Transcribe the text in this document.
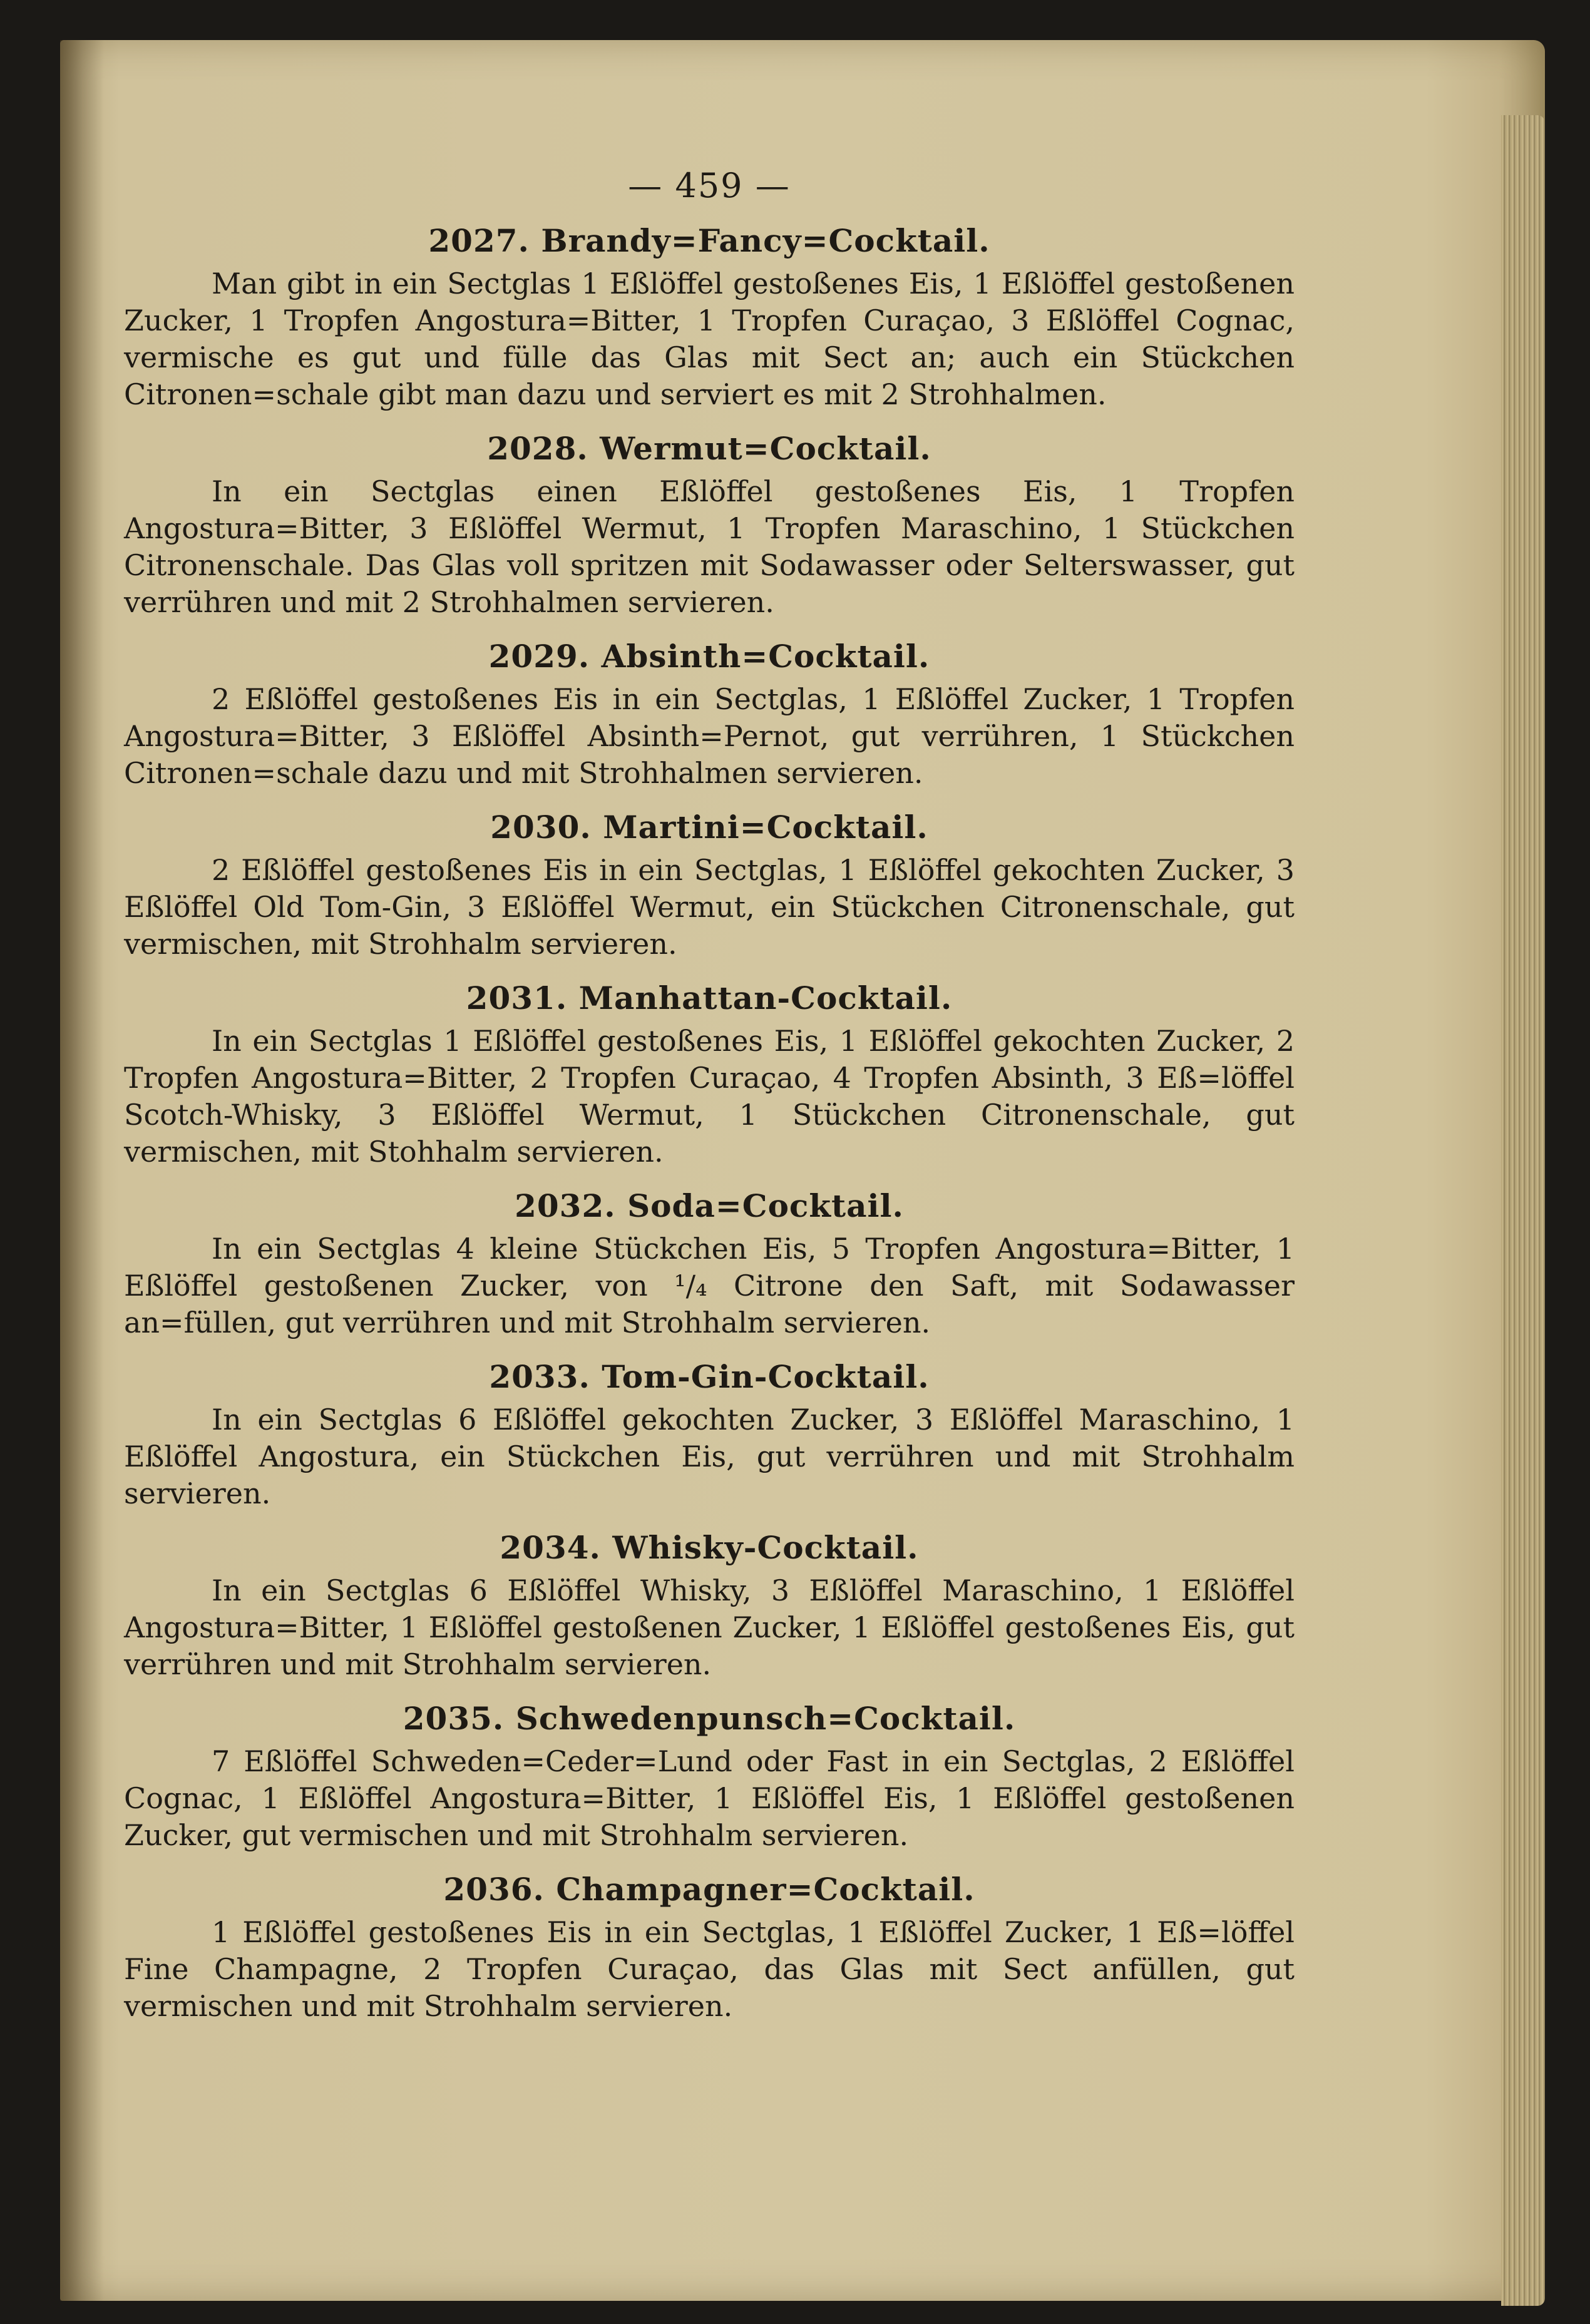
— 459 —
2027. Brandy=Fancy=Cocktail.
Man gibt in ein Sectglas 1 Eßlöffel gestoßenes Eis, 1 Eßlöffel gestoßenen Zucker, 1 Tropfen Angostura=Bitter, 1 Tropfen Curaçao, 3 Eßlöffel Cognac, vermische es gut und fülle das Glas mit Sect an; auch ein Stückchen Citronen=schale gibt man dazu und serviert es mit 2 Strohhalmen.
2028. Wermut=Cocktail.
In ein Sectglas einen Eßlöffel gestoßenes Eis, 1 Tropfen Angostura=Bitter, 3 Eßlöffel Wermut, 1 Tropfen Maraschino, 1 Stückchen Citronenschale. Das Glas voll spritzen mit Sodawasser oder Selterswasser, gut verrühren und mit 2 Strohhalmen servieren.
2029. Absinth=Cocktail.
2 Eßlöffel gestoßenes Eis in ein Sectglas, 1 Eßlöffel Zucker, 1 Tropfen Angostura=Bitter, 3 Eßlöffel Absinth=Pernot, gut verrühren, 1 Stückchen Citronen=schale dazu und mit Strohhalmen servieren.
2030. Martini=Cocktail.
2 Eßlöffel gestoßenes Eis in ein Sectglas, 1 Eßlöffel gekochten Zucker, 3 Eßlöffel Old Tom-Gin, 3 Eßlöffel Wermut, ein Stückchen Citronenschale, gut vermischen, mit Strohhalm servieren.
2031. Manhattan-Cocktail.
In ein Sectglas 1 Eßlöffel gestoßenes Eis, 1 Eßlöffel gekochten Zucker, 2 Tropfen Angostura=Bitter, 2 Tropfen Curaçao, 4 Tropfen Absinth, 3 Eß=löffel Scotch-Whisky, 3 Eßlöffel Wermut, 1 Stückchen Citronenschale, gut vermischen, mit Stohhalm servieren.
2032. Soda=Cocktail.
In ein Sectglas 4 kleine Stückchen Eis, 5 Tropfen Angostura=Bitter, 1 Eßlöffel gestoßenen Zucker, von ¹/₄ Citrone den Saft, mit Sodawasser an=füllen, gut verrühren und mit Strohhalm servieren.
2033. Tom-Gin-Cocktail.
In ein Sectglas 6 Eßlöffel gekochten Zucker, 3 Eßlöffel Maraschino, 1 Eßlöffel Angostura, ein Stückchen Eis, gut verrühren und mit Strohhalm servieren.
2034. Whisky-Cocktail.
In ein Sectglas 6 Eßlöffel Whisky, 3 Eßlöffel Maraschino, 1 Eßlöffel Angostura=Bitter, 1 Eßlöffel gestoßenen Zucker, 1 Eßlöffel gestoßenes Eis, gut verrühren und mit Strohhalm servieren.
2035. Schwedenpunsch=Cocktail.
7 Eßlöffel Schweden=Ceder=Lund oder Fast in ein Sectglas, 2 Eßlöffel Cognac, 1 Eßlöffel Angostura=Bitter, 1 Eßlöffel Eis, 1 Eßlöffel gestoßenen Zucker, gut vermischen und mit Strohhalm servieren.
2036. Champagner=Cocktail.
1 Eßlöffel gestoßenes Eis in ein Sectglas, 1 Eßlöffel Zucker, 1 Eß=löffel Fine Champagne, 2 Tropfen Curaçao, das Glas mit Sect anfüllen, gut vermischen und mit Strohhalm servieren.
